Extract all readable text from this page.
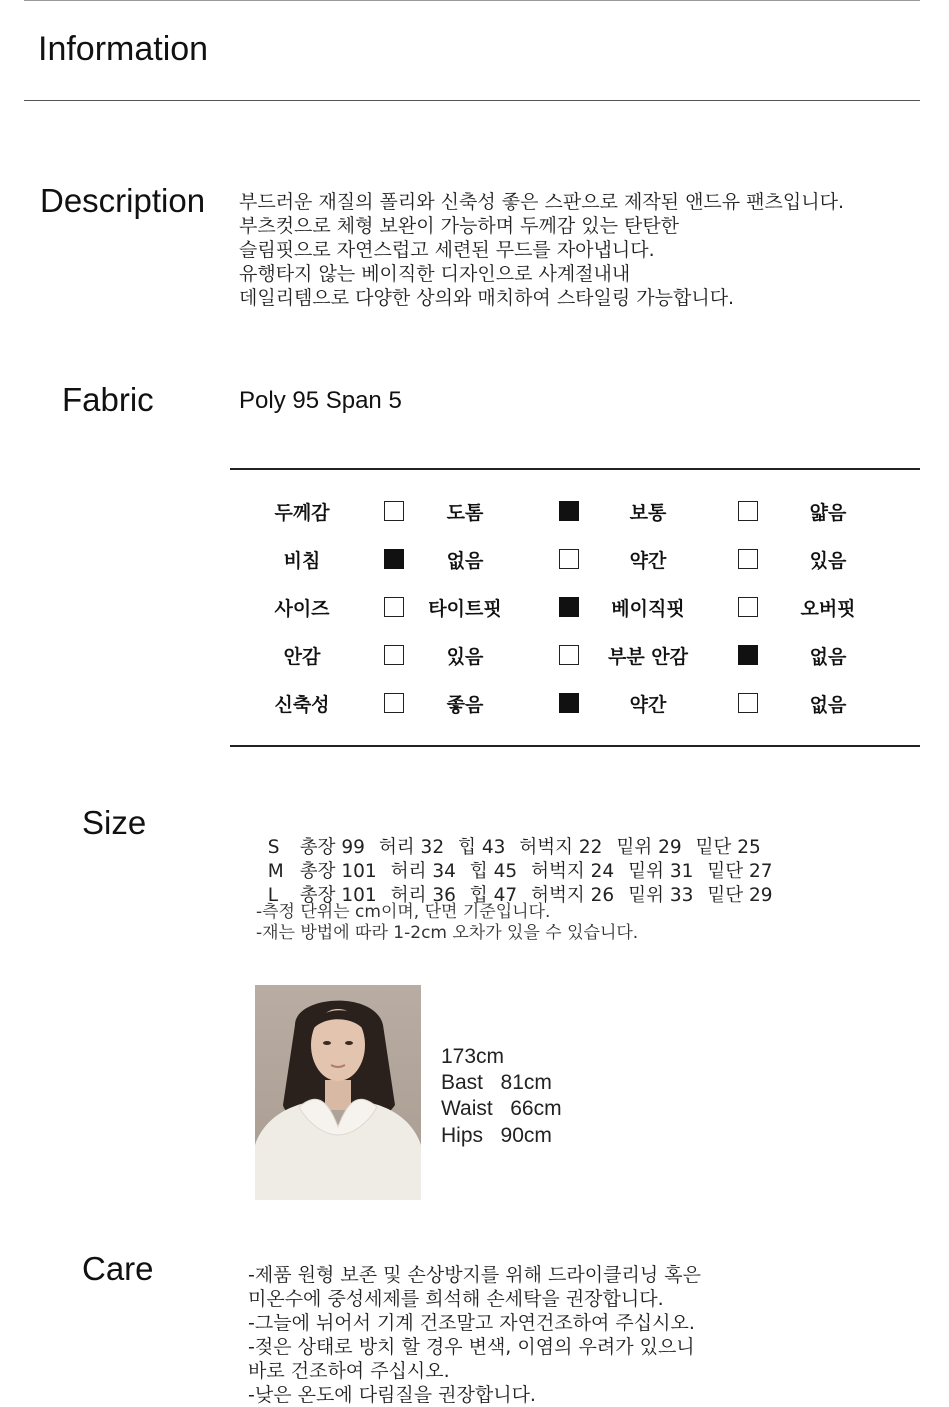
Information
Description 부드러운 재질의 폴리와 신축성 좋은 스판으로 제작된 앤드유 팬츠입니다.
부츠컷으로 체형 보완이 가능하며 두께감 있는 탄탄한
슬림핏으로 자연스럽고 세련된 무드를 자아냅니다.
유행타지 않는 베이직한 디자인으로 사계절내내
데일리템으로 다양한 상의와 매치하여 스타일링 가능합니다.
Fabric	Poly 95 Span 5
두께감	도톰	보통	얇음
비침	없음	약간	있음
사이즈	타이트핏	베이직핏	오버핏
안감	있음	부분 안감	없음
신축성	좋음	약간	없음
Size

S 총장 99 허리 32 힙 43 허벅지 22 밑위 29 밑단 25

M 총장 101 허리 34 힙 45 허벅지 24 밑위 31 밑단 27

L 총장 101 허리 36 힙 47 허벅지 26 밑위 33 밑단 29

-측정 단위는 cm이며, 단면 기준입니다.
-재는 방법에 따라 1-2cm 오차가 있을 수 있습니다.
173cm
Bast   81cm
Waist   66cm
Hips   90cm
Care	-제품 원형 보존 및 손상방지를 위해 드라이클리닝 혹은
미온수에 중성세제를 희석해 손세탁을 권장합니다.
-그늘에 뉘어서 기계 건조말고 자연건조하여 주십시오.
-젖은 상태로 방치 할 경우 변색, 이염의 우려가 있으니
바로 건조하여 주십시오.
-낮은 온도에 다림질을 권장합니다.
